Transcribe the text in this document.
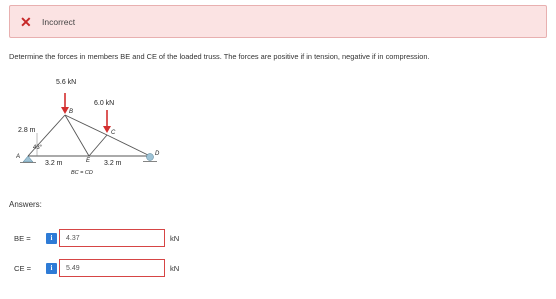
✕ Incorrect
Determine the forces in members BE and CE of the loaded truss. The forces are positive if in tension, negative if in compression.
5.6 kN
6.0 kN
2.8 m
43°
3.2 m	3.2 m
BC = CD
A
B
C
D
E
Answers:
BE =	i	4.37	kN
CE =	i	5.49	kN
